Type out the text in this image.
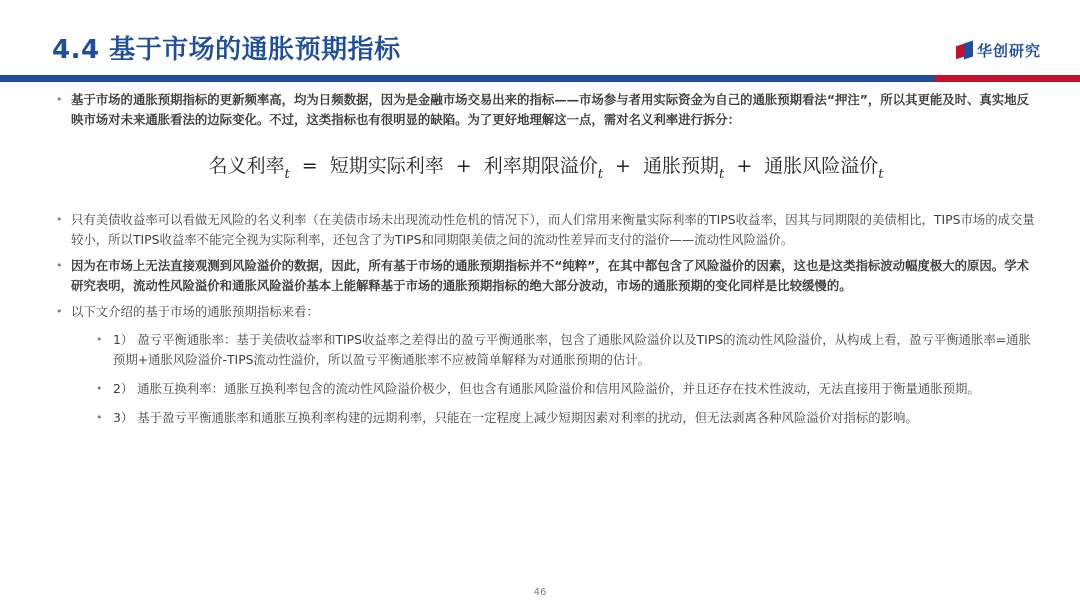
4.4 基于市场的通胀预期指标	华创研究

• 基于市场的通胀预期指标的更新频率高，均为日频数据，因为是金融市场交易出来的指标——市场参与者用实际资金为自己的通胀预期看法“押注”，所以其更能及时、真实地反映市场对未来通胀看法的边际变化。不过，这类指标也有很明显的缺陷。为了更好地理解这一点，需对名义利率进行拆分：

名义利率$_t$ = 短期实际利率 + 利率期限溢价$_t$ + 通胀预期$_t$ + 通胀风险溢价$_t$

• 只有美债收益率可以看做无风险的名义利率（在美债市场未出现流动性危机的情况下），而人们常用来衡量实际利率的TIPS收益率，因其与同期限的美债相比，TIPS市场的成交量较小，所以TIPS收益率不能完全视为实际利率，还包含了为TIPS和同期限美债之间的流动性差异而支付的溢价——流动性风险溢价。

• 因为在市场上无法直接观测到风险溢价的数据，因此，所有基于市场的通胀预期指标并不“纯粹”，在其中都包含了风险溢价的因素，这也是这类指标波动幅度极大的原因。学术研究表明，流动性风险溢价和通胀风险溢价基本上能解释基于市场的通胀预期指标的绝大部分波动，市场的通胀预期的变化同样是比较缓慢的。

• 以下文介绍的基于市场的通胀预期指标来看：

• 1） 盈亏平衡通胀率：基于美债收益率和TIPS收益率之差得出的盈亏平衡通胀率，包含了通胀风险溢价以及TIPS的流动性风险溢价，从构成上看，盈亏平衡通胀率=通胀预期+通胀风险溢价-TIPS流动性溢价，所以盈亏平衡通胀率不应被简单解释为对通胀预期的估计。

• 2） 通胀互换利率：通胀互换利率包含的流动性风险溢价极少，但也含有通胀风险溢价和信用风险溢价，并且还存在技术性波动，无法直接用于衡量通胀预期。

• 3） 基于盈亏平衡通胀率和通胀互换利率构建的远期利率，只能在一定程度上减少短期因素对利率的扰动，但无法剥离各种风险溢价对指标的影响。

46
